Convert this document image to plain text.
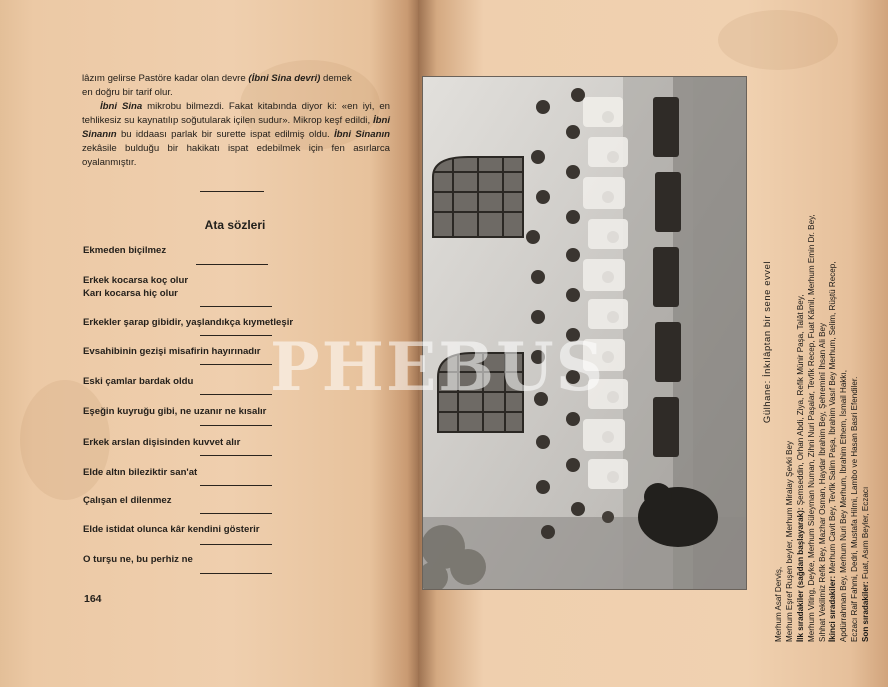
lâzım gelirse Pastöre kadar olan devre (İbni Sina devri) demek

en doğru bir tarif olur.

İbni Sina mikrobu bilmezdi. Fakat kitabında diyor ki: «en iyi, en tehlikesiz su kaynatılıp soğutularak içilen sudur». Mikrop keşf edildi, İbni Sinanın bu iddaası parlak bir surette ispat edilmiş oldu. İbni Sinanın zekâsile bulduğu bir hakikatı ispat edebilmek için fen asırlarca oyalanmıştır.

Ata sözleri
Ekmeden biçilmez
Erkek kocarsa koç olur
Karı kocarsa hiç olur
Erkekler şarap gibidir, yaşlandıkça kıymetleşir
Evsahibinin gezişi misafirin hayırınadır
Eski çamlar bardak oldu
Eşeğin kuyruğu gibi, ne uzanır ne kısalır
Erkek arslan dişisinden kuvvet alır
Elde altın bileziktir san'at
Çalışan el dilenmez
Elde istidat olunca kâr kendini gösterir
O turşu ne, bu perhiz ne
164
Gülhane: İnkılâptan bir sene evvel
Merhum Asaf Derviş, Merhum Eşref Ruşen beyler, Merhum Miralay Şevki Bey İlk sıradakiler (sağdan başlayarak): Şemseddin, Orhan Abdi, Ziya, Refik Münir Paşa, Talât Bey, Merhum Viting, Deyke, Merhum Süleyman Numan, Zihni Nuri Paşalar, Tevfik Recep, Fuat Kâmil, Merhum Emin Dr. Bey, Sıhhat Vekilimiz Refik Bey, Mazhar Osman, Haydar İbrahim Bey, Şehreminî İhsan Ali Bey İkinci sıradakiler: Merhum Cavit Bey, Tevfik Salim Paşa, İbrahim Vasıf Bey Merhum, Selim, Rüştü Recep, Apdürrahman Bey, Merhum Nuri Bey Merhum, İbrahim Ethem, İsmail Hakkı, Eczacı Raif Fahmi, Dedri, Mustafa Hilmi, Lambo ve Hasan Basri Efendiler. Son sıradakiler: Fuat, Asım Beyler, Eczacı
PHEBUS
